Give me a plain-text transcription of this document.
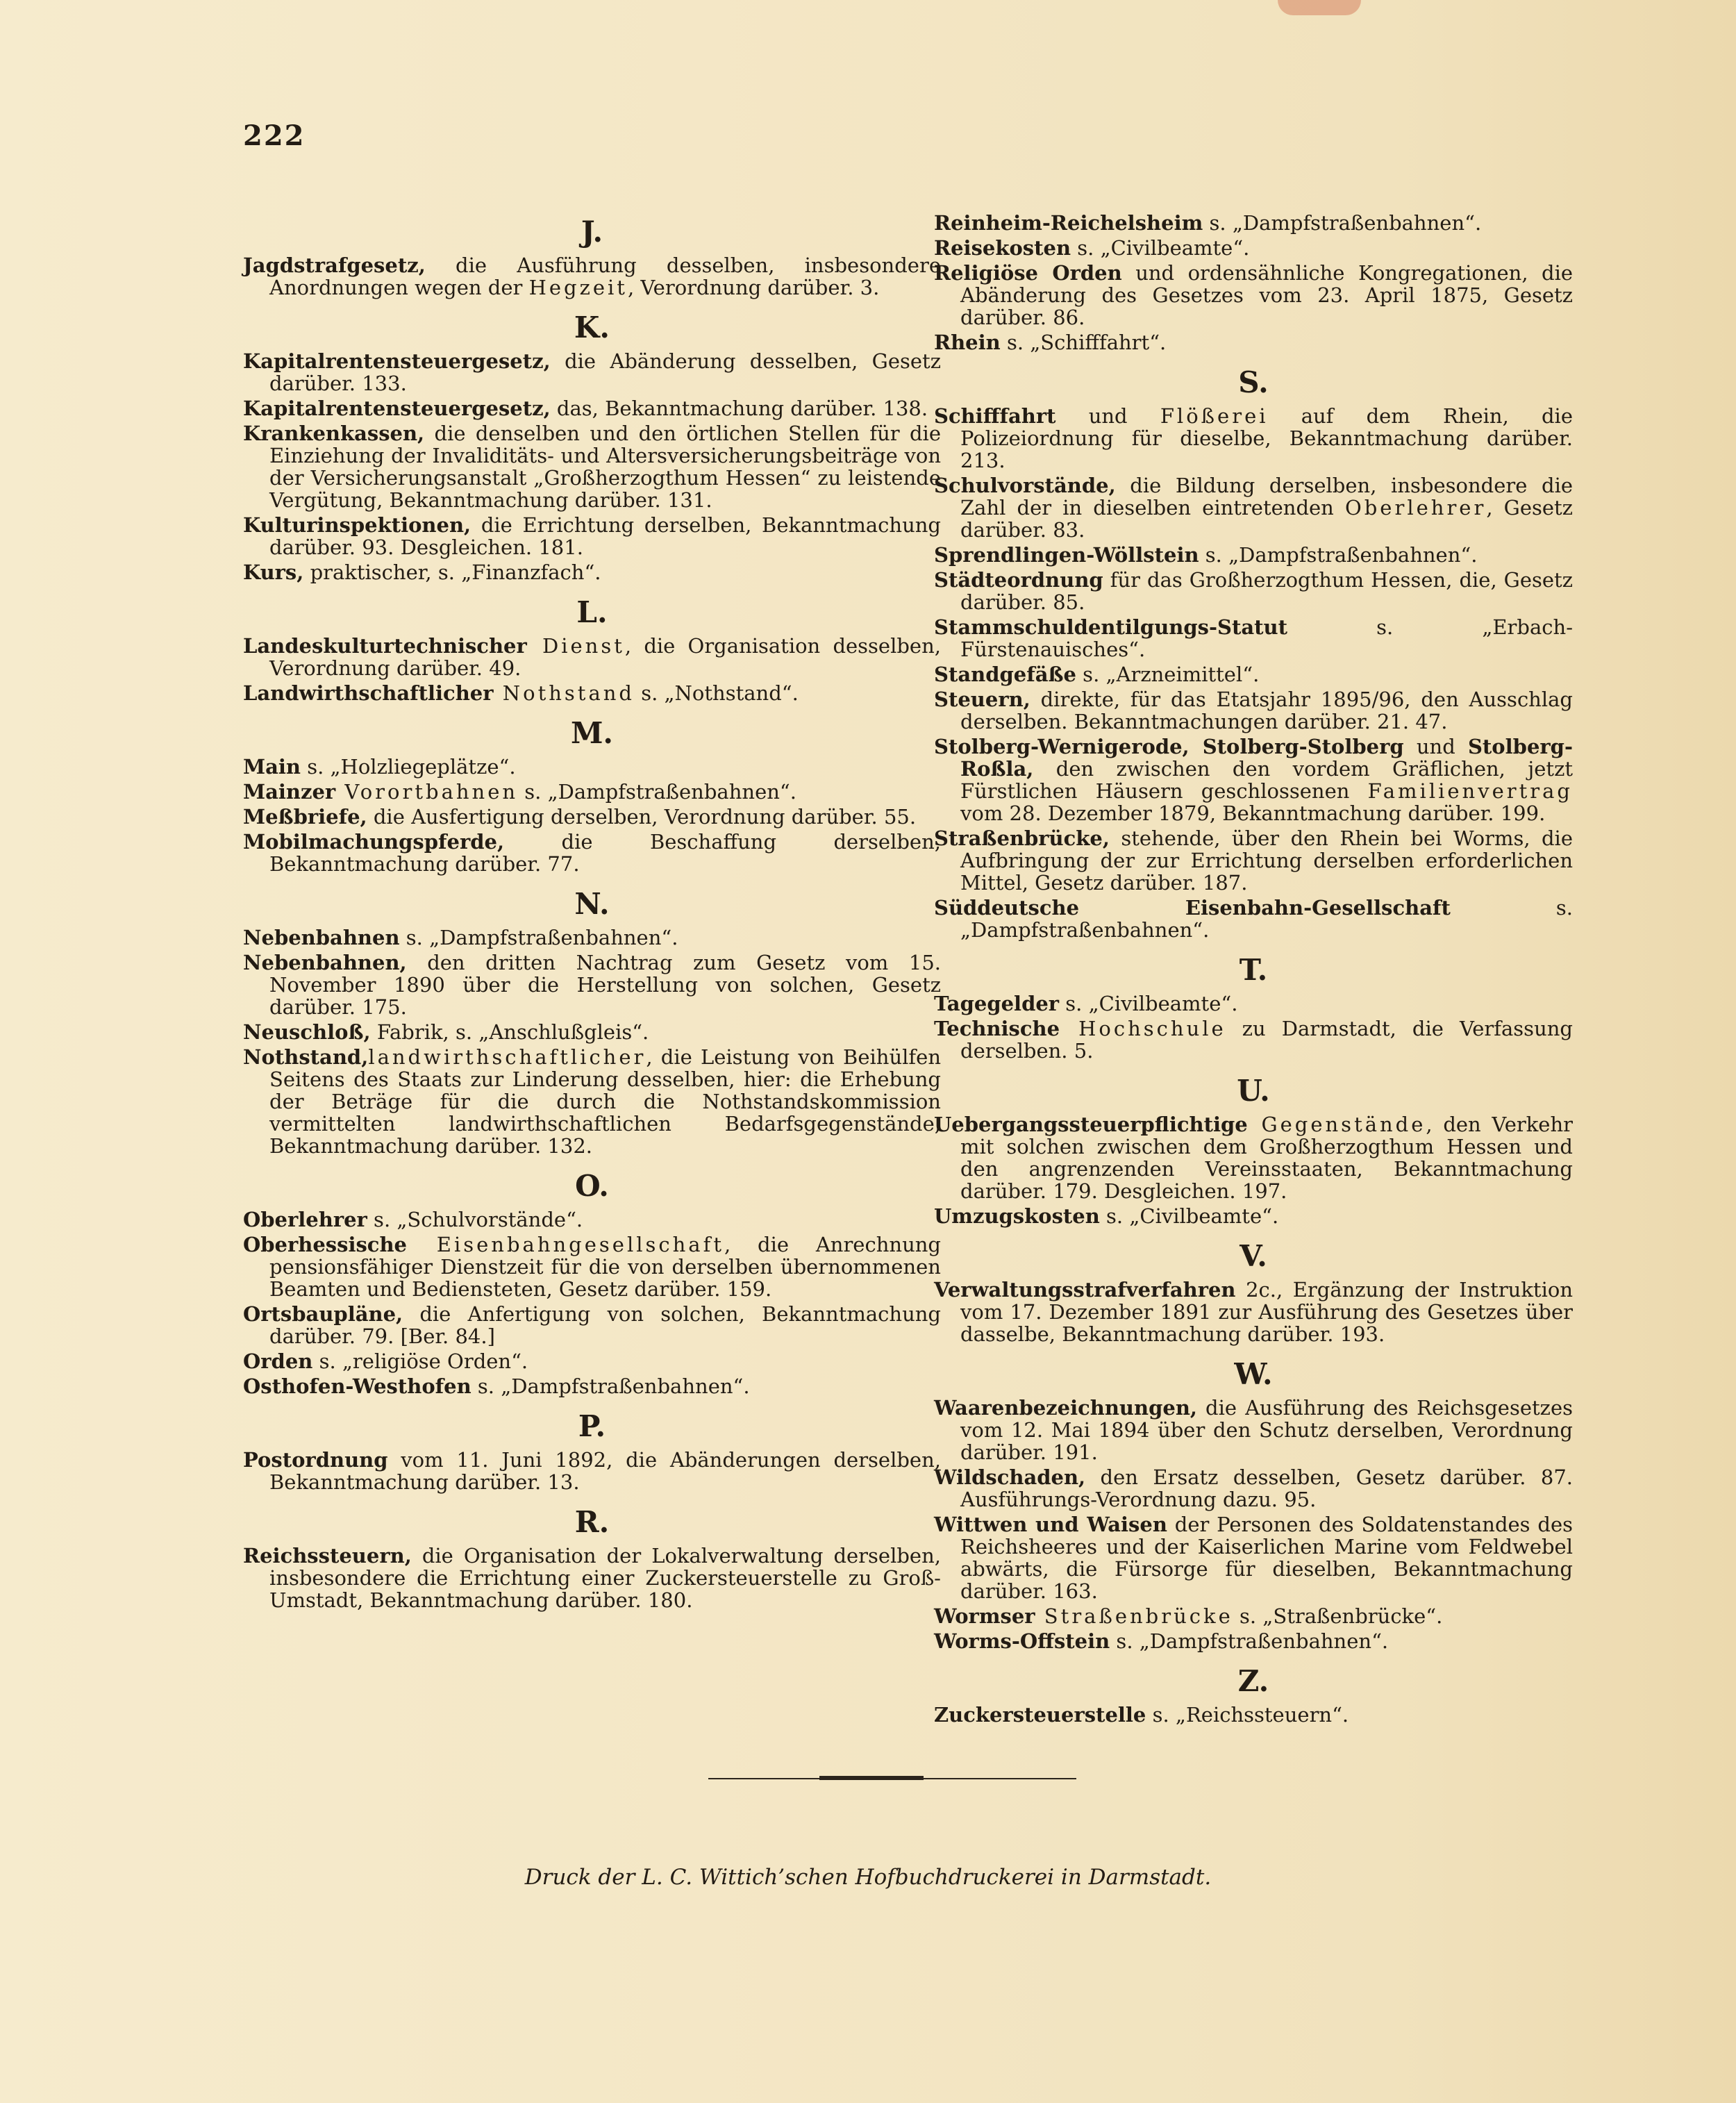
222
J.

Jagdstrafgesetz, die Ausführung desselben, insbesondere Anordnungen wegen der Hegzeit, Verordnung darüber. 3.

K.

Kapitalrentensteuergesetz, die Abänderung desselben, Gesetz darüber. 133.

Kapitalrentensteuergesetz, das, Bekanntmachung darüber. 138.

Krankenkassen, die denselben und den örtlichen Stellen für die Einziehung der Invaliditäts- und Altersversicherungsbeiträge von der Versicherungsanstalt „Großherzogthum Hessen“ zu leistende Vergütung, Bekanntmachung darüber. 131.

Kulturinspektionen, die Errichtung derselben, Bekanntmachung darüber. 93. Desgleichen. 181.

Kurs, praktischer, s. „Finanzfach“.

L.

Landeskulturtechnischer Dienst, die Organisation desselben, Verordnung darüber. 49.

Landwirthschaftlicher Nothstand s. „Nothstand“.

M.

Main s. „Holzliegeplätze“.

Mainzer Vorortbahnen s. „Dampfstraßenbahnen“.

Meßbriefe, die Ausfertigung derselben, Verordnung darüber. 55.

Mobilmachungspferde, die Beschaffung derselben, Bekanntmachung darüber. 77.

N.

Nebenbahnen s. „Dampfstraßenbahnen“.

Nebenbahnen, den dritten Nachtrag zum Gesetz vom 15. November 1890 über die Herstellung von solchen, Gesetz darüber. 175.

Neuschloß, Fabrik, s. „Anschlußgleis“.

Nothstand,landwirthschaftlicher, die Leistung von Beihülfen Seitens des Staats zur Linderung desselben, hier: die Erhebung der Beträge für die durch die Nothstandskommission vermittelten landwirthschaftlichen Bedarfsgegenstände, Bekanntmachung darüber. 132.

O.

Oberlehrer s. „Schulvorstände“.

Oberhessische Eisenbahngesellschaft, die Anrechnung pensionsfähiger Dienstzeit für die von derselben übernommenen Beamten und Bediensteten, Gesetz darüber. 159.

Ortsbaupläne, die Anfertigung von solchen, Bekanntmachung darüber. 79. [Ber. 84.]

Orden s. „religiöse Orden“.

Osthofen-Westhofen s. „Dampfstraßenbahnen“.

P.

Postordnung vom 11. Juni 1892, die Abänderungen derselben, Bekanntmachung darüber. 13.

R.

Reichssteuern, die Organisation der Lokalverwaltung derselben, insbesondere die Errichtung einer Zuckersteuerstelle zu Groß-Umstadt, Bekanntmachung darüber. 180.

Reinheim-Reichelsheim s. „Dampfstraßenbahnen“.

Reisekosten s. „Civilbeamte“.

Religiöse Orden und ordensähnliche Kongregationen, die Abänderung des Gesetzes vom 23. April 1875, Gesetz darüber. 86.

Rhein s. „Schifffahrt“.

S.

Schifffahrt und Flößerei auf dem Rhein, die Polizeiordnung für dieselbe, Bekanntmachung darüber. 213.

Schulvorstände, die Bildung derselben, insbesondere die Zahl der in dieselben eintretenden Oberlehrer, Gesetz darüber. 83.

Sprendlingen-Wöllstein s. „Dampfstraßenbahnen“.

Städteordnung für das Großherzogthum Hessen, die, Gesetz darüber. 85.

Stammschuldentilgungs-Statut s. „Erbach-Fürstenauisches“.

Standgefäße s. „Arzneimittel“.

Steuern, direkte, für das Etatsjahr 1895/96, den Ausschlag derselben. Bekanntmachungen darüber. 21. 47.

Stolberg-Wernigerode, Stolberg-Stolberg und Stolberg-Roßla, den zwischen den vordem Gräflichen, jetzt Fürstlichen Häusern geschlossenen Familienvertrag vom 28. Dezember 1879, Bekanntmachung darüber. 199.

Straßenbrücke, stehende, über den Rhein bei Worms, die Aufbringung der zur Errichtung derselben erforderlichen Mittel, Gesetz darüber. 187.

Süddeutsche Eisenbahn-Gesellschaft s. „Dampfstraßenbahnen“.

T.

Tagegelder s. „Civilbeamte“.

Technische Hochschule zu Darmstadt, die Verfassung derselben. 5.

U.

Uebergangssteuerpflichtige Gegenstände, den Verkehr mit solchen zwischen dem Großherzogthum Hessen und den angrenzenden Vereinsstaaten, Bekanntmachung darüber. 179. Desgleichen. 197.

Umzugskosten s. „Civilbeamte“.

V.

Verwaltungsstrafverfahren 2c., Ergänzung der Instruktion vom 17. Dezember 1891 zur Ausführung des Gesetzes über dasselbe, Bekanntmachung darüber. 193.

W.

Waarenbezeichnungen, die Ausführung des Reichsgesetzes vom 12. Mai 1894 über den Schutz derselben, Verordnung darüber. 191.

Wildschaden, den Ersatz desselben, Gesetz darüber. 87. Ausführungs-Verordnung dazu. 95.

Wittwen und Waisen der Personen des Soldatenstandes des Reichsheeres und der Kaiserlichen Marine vom Feldwebel abwärts, die Fürsorge für dieselben, Bekanntmachung darüber. 163.

Wormser Straßenbrücke s. „Straßenbrücke“.

Worms-Offstein s. „Dampfstraßenbahnen“.

Z.

Zuckersteuerstelle s. „Reichssteuern“.

Druck der L. C. Wittich’schen Hofbuchdruckerei in Darmstadt.
